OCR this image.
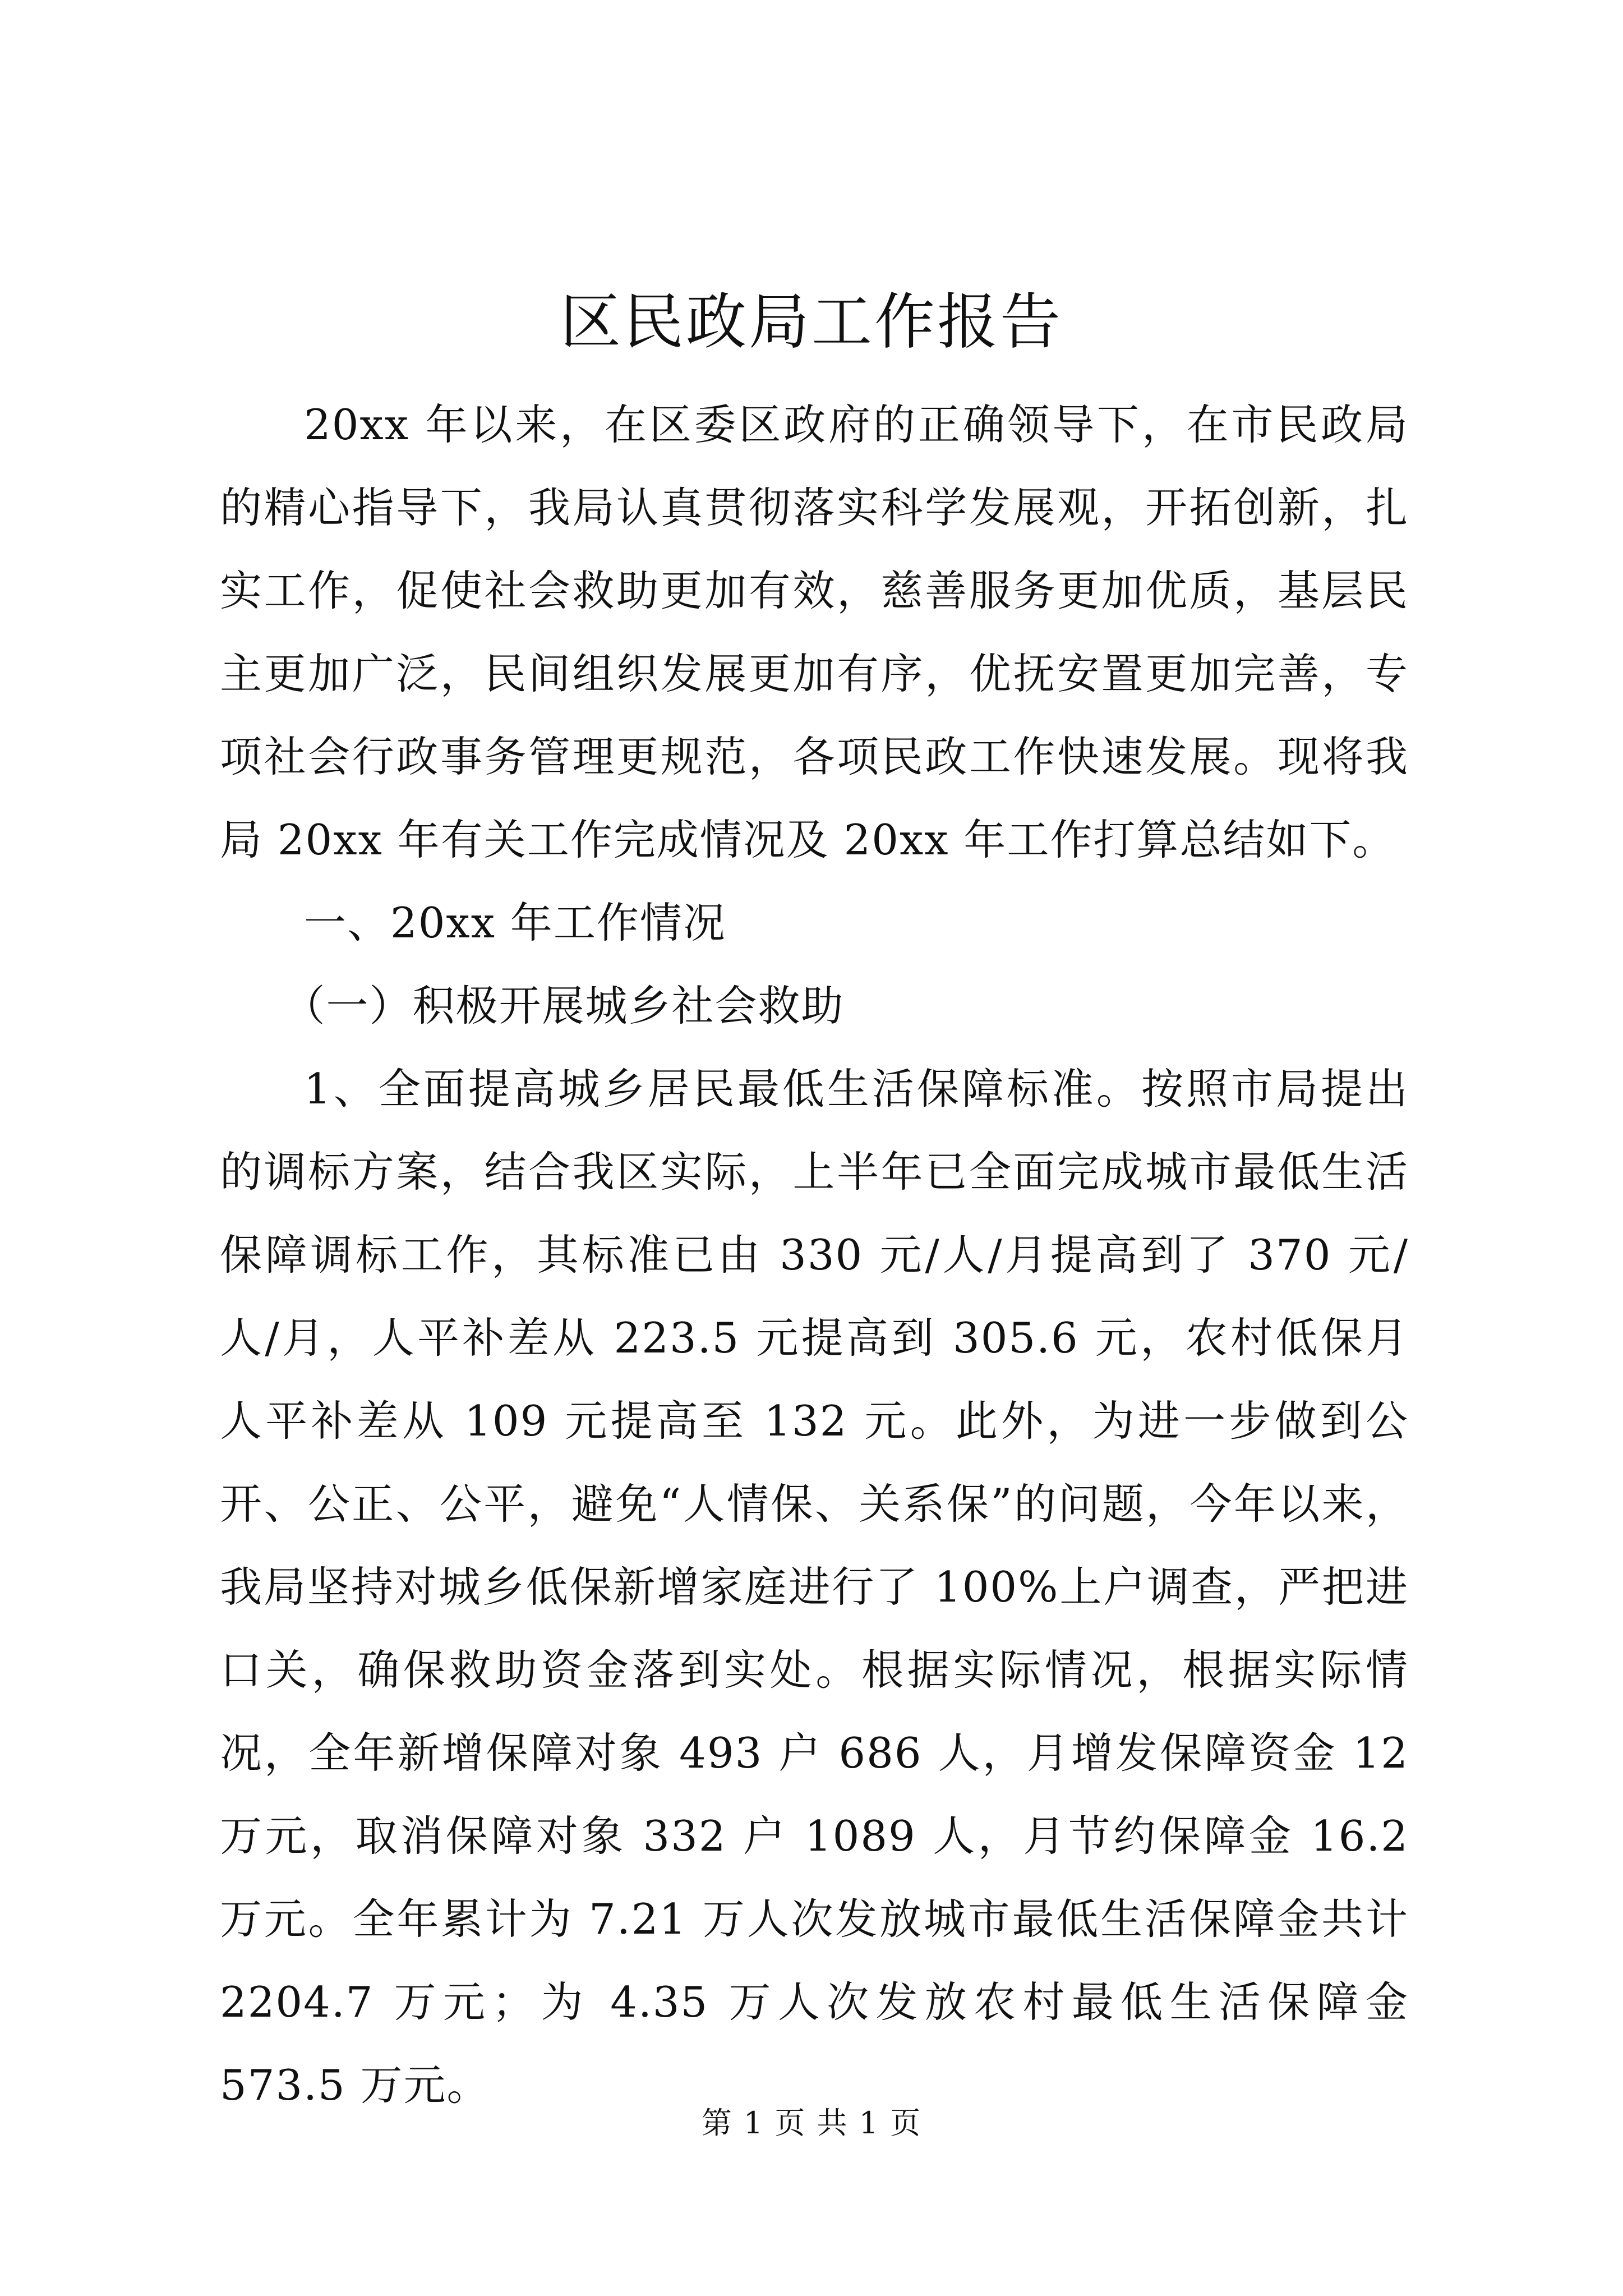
区民政局工作报告

20xx 年以来，在区委区政府的正确领导下，在市民政局的精心指导下，我局认真贯彻落实科学发展观，开拓创新，扎实工作，促使社会救助更加有效，慈善服务更加优质，基层民主更加广泛，民间组织发展更加有序，优抚安置更加完善，专项社会行政事务管理更规范，各项民政工作快速发展。现将我局 20xx 年有关工作完成情况及 20xx 年工作打算总结如下。

一、20xx 年工作情况

（一）积极开展城乡社会救助

1、全面提高城乡居民最低生活保障标准。按照市局提出的调标方案，结合我区实际，上半年已全面完成城市最低生活保障调标工作，其标准已由 330 元/人/月提高到了 370 元/人/月，人平补差从 223.5 元提高到 305.6 元，农村低保月人平补差从 109 元提高至 132 元。此外，为进一步做到公开、公正、公平，避免“人情保、关系保”的问题，今年以来，我局坚持对城乡低保新增家庭进行了 100%上户调查，严把进口关，确保救助资金落到实处。根据实际情况，根据实际情况，全年新增保障对象 493 户 686 人，月增发保障资金 12 万元，取消保障对象 332 户 1089 人，月节约保障金 16.2 万元。全年累计为 7.21 万人次发放城市最低生活保障金共计 2204.7 万元；为 4.35 万人次发放农村最低生活保障金 573.5 万元。

第 1 页 共 1 页
